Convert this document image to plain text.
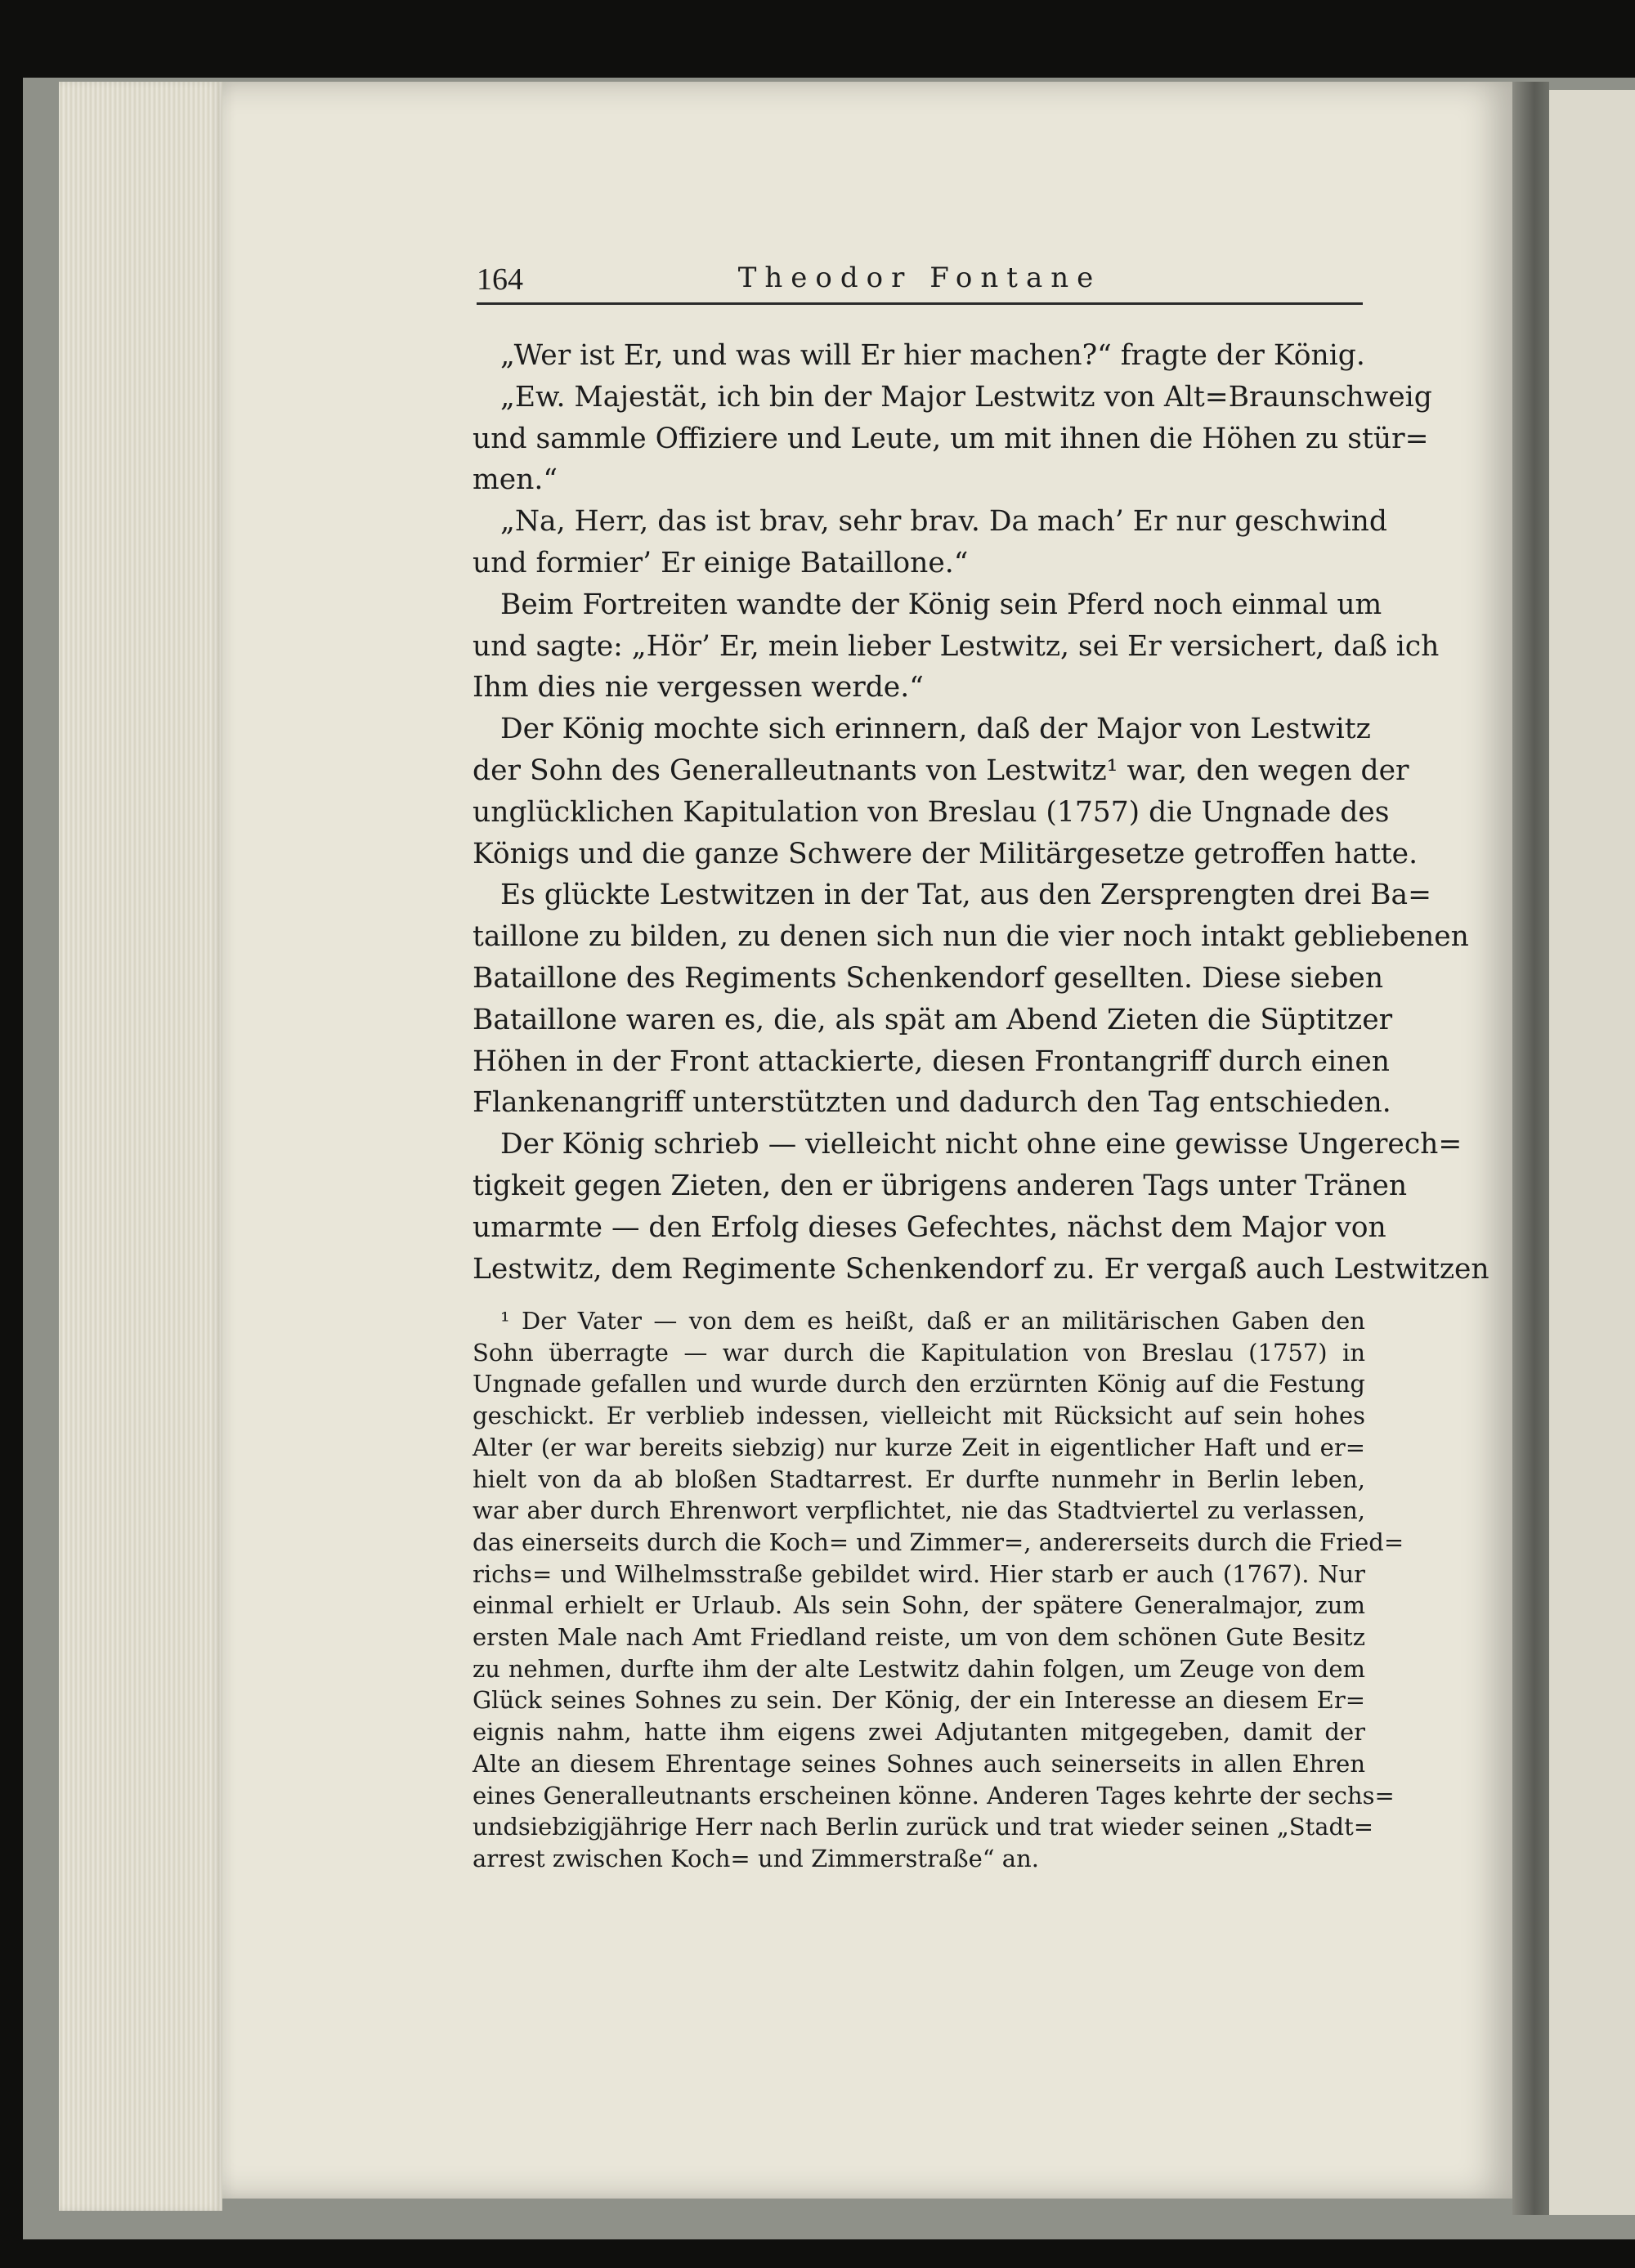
164	Theodor Fontane
„Wer ist Er, und was will Er hier machen?“ fragte der König.
„Ew. Majestät, ich bin der Major Lestwitz von Alt=Braunschweig
und sammle Offiziere und Leute, um mit ihnen die Höhen zu stür=
men.“
„Na, Herr, das ist brav, sehr brav. Da mach’ Er nur geschwind
und formier’ Er einige Bataillone.“
Beim Fortreiten wandte der König sein Pferd noch einmal um
und sagte: „Hör’ Er, mein lieber Lestwitz, sei Er versichert, daß ich
Ihm dies nie vergessen werde.“
Der König mochte sich erinnern, daß der Major von Lestwitz
der Sohn des Generalleutnants von Lestwitz¹ war, den wegen der
unglücklichen Kapitulation von Breslau (1757) die Ungnade des
Königs und die ganze Schwere der Militärgesetze getroffen hatte.
Es glückte Lestwitzen in der Tat, aus den Zersprengten drei Ba=
taillone zu bilden, zu denen sich nun die vier noch intakt gebliebenen
Bataillone des Regiments Schenkendorf gesellten. Diese sieben
Bataillone waren es, die, als spät am Abend Zieten die Süptitzer
Höhen in der Front attackierte, diesen Frontangriff durch einen
Flankenangriff unterstützten und dadurch den Tag entschieden.
Der König schrieb — vielleicht nicht ohne eine gewisse Ungerech=
tigkeit gegen Zieten, den er übrigens anderen Tags unter Tränen
umarmte — den Erfolg dieses Gefechtes, nächst dem Major von
Lestwitz, dem Regimente Schenkendorf zu. Er vergaß auch Lestwitzen
¹ Der Vater — von dem es heißt, daß er an militärischen Gaben den
Sohn überragte — war durch die Kapitulation von Breslau (1757) in
Ungnade gefallen und wurde durch den erzürnten König auf die Festung
geschickt. Er verblieb indessen, vielleicht mit Rücksicht auf sein hohes
Alter (er war bereits siebzig) nur kurze Zeit in eigentlicher Haft und er=
hielt von da ab bloßen Stadtarrest. Er durfte nunmehr in Berlin leben,
war aber durch Ehrenwort verpflichtet, nie das Stadtviertel zu verlassen,
das einerseits durch die Koch= und Zimmer=, andererseits durch die Fried=
richs= und Wilhelmsstraße gebildet wird. Hier starb er auch (1767). Nur
einmal erhielt er Urlaub. Als sein Sohn, der spätere Generalmajor, zum
ersten Male nach Amt Friedland reiste, um von dem schönen Gute Besitz
zu nehmen, durfte ihm der alte Lestwitz dahin folgen, um Zeuge von dem
Glück seines Sohnes zu sein. Der König, der ein Interesse an diesem Er=
eignis nahm, hatte ihm eigens zwei Adjutanten mitgegeben, damit der
Alte an diesem Ehrentage seines Sohnes auch seinerseits in allen Ehren
eines Generalleutnants erscheinen könne. Anderen Tages kehrte der sechs=
undsiebzigjährige Herr nach Berlin zurück und trat wieder seinen „Stadt=
arrest zwischen Koch= und Zimmerstraße“ an.
